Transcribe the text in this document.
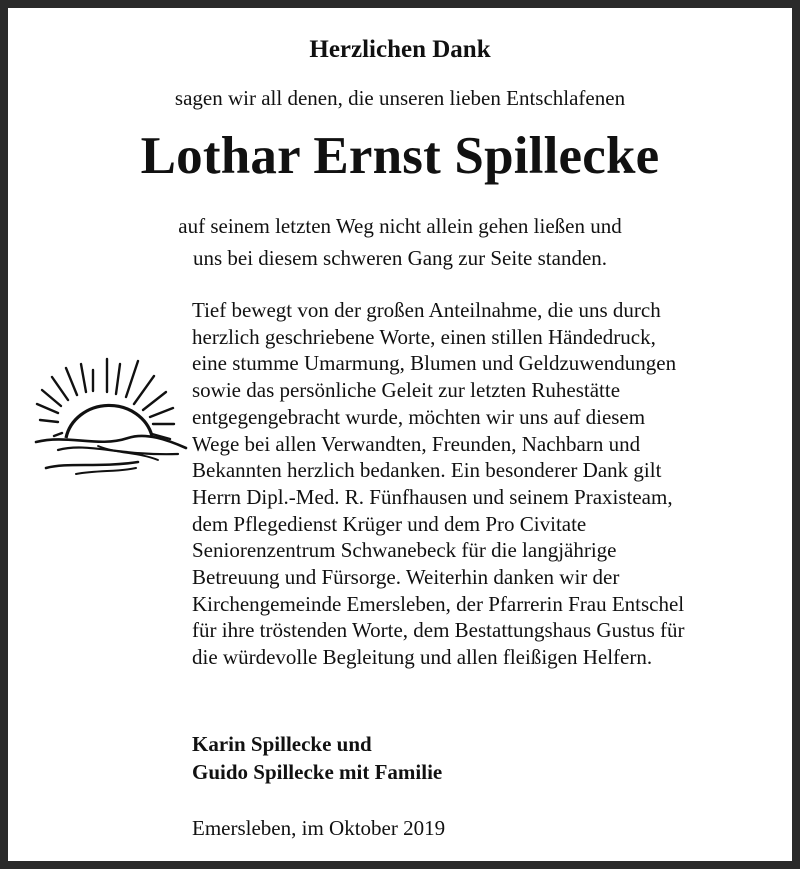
Herzlichen Dank
sagen wir all denen, die unseren lieben Entschlafenen
Lothar Ernst Spillecke
auf seinem letzten Weg nicht allein gehen ließen und
uns bei diesem schweren Gang zur Seite standen.
Tief bewegt von der großen Anteilnahme, die uns durch
herzlich geschriebene Worte, einen stillen Händedruck,
eine stumme Umarmung, Blumen und Geldzuwendungen
sowie das persönliche Geleit zur letzten Ruhestätte
entgegengebracht wurde, möchten wir uns auf diesem
Wege bei allen Verwandten, Freunden, Nachbarn und
Bekannten herzlich bedanken. Ein besonderer Dank gilt
Herrn Dipl.-Med. R. Fünfhausen und seinem Praxisteam,
dem Pflegedienst Krüger und dem Pro Civitate
Seniorenzentrum Schwanebeck für die langjährige
Betreuung und Fürsorge. Weiterhin danken wir der
Kirchengemeinde Emersleben, der Pfarrerin Frau Entschel
für ihre tröstenden Worte, dem Bestattungshaus Gustus für
die würdevolle Begleitung und allen fleißigen Helfern.
Karin Spillecke und
Guido Spillecke mit Familie
Emersleben, im Oktober 2019
